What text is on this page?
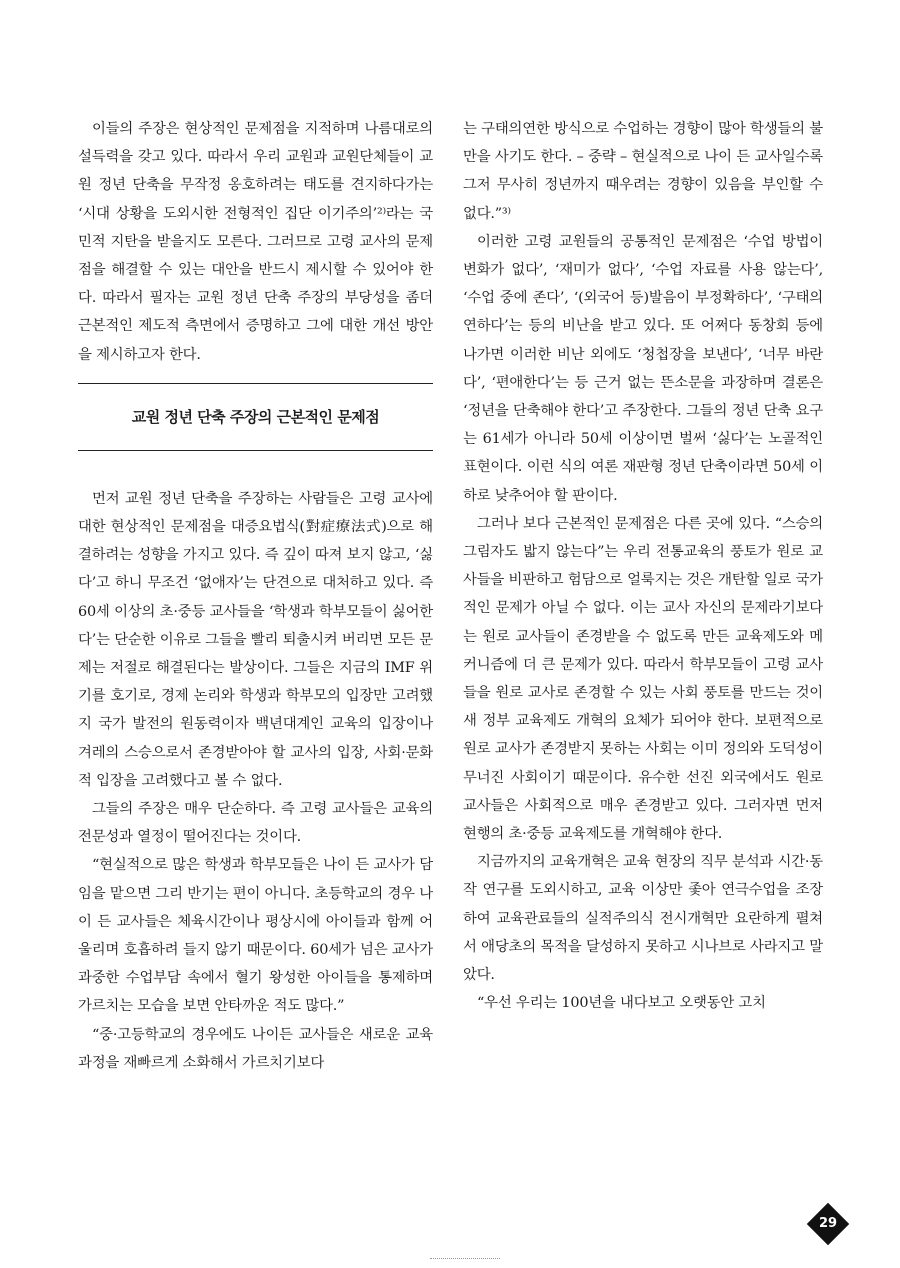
이들의 주장은 현상적인 문제점을 지적하며 나름대로의 설득력을 갖고 있다. 따라서 우리 교원과 교원단체들이 교원 정년 단축을 무작정 옹호하려는 태도를 견지하다가는 ‘시대 상황을 도외시한 전형적인 집단 이기주의’²⁾라는 국민적 지탄을 받을지도 모른다. 그러므로 고령 교사의 문제점을 해결할 수 있는 대안을 반드시 제시할 수 있어야 한다. 따라서 필자는 교원 정년 단축 주장의 부당성을 좀더 근본적인 제도적 측면에서 증명하고 그에 대한 개선 방안을 제시하고자 한다.

교원 정년 단축 주장의 근본적인 문제점

먼저 교원 정년 단축을 주장하는 사람들은 고령 교사에 대한 현상적인 문제점을 대증요법식(對症療法式)으로 해결하려는 성향을 가지고 있다. 즉 깊이 따져 보지 않고, ‘싫다’고 하니 무조건 ‘없애자’는 단견으로 대처하고 있다. 즉 60세 이상의 초·중등 교사들을 ‘학생과 학부모들이 싫어한다’는 단순한 이유로 그들을 빨리 퇴출시켜 버리면 모든 문제는 저절로 해결된다는 발상이다. 그들은 지금의 IMF 위기를 호기로, 경제 논리와 학생과 학부모의 입장만 고려했지 국가 발전의 원동력이자 백년대계인 교육의 입장이나 겨레의 스승으로서 존경받아야 할 교사의 입장, 사회·문화적 입장을 고려했다고 볼 수 없다.

그들의 주장은 매우 단순하다. 즉 고령 교사들은 교육의 전문성과 열정이 떨어진다는 것이다.

“현실적으로 많은 학생과 학부모들은 나이 든 교사가 담임을 맡으면 그리 반기는 편이 아니다. 초등학교의 경우 나이 든 교사들은 체육시간이나 평상시에 아이들과 함께 어울리며 호흡하려 들지 않기 때문이다. 60세가 넘은 교사가 과중한 수업부담 속에서 혈기 왕성한 아이들을 통제하며 가르치는 모습을 보면 안타까운 적도 많다.”

“중·고등학교의 경우에도 나이든 교사들은 새로운 교육과정을 재빠르게 소화해서 가르치기보다

는 구태의연한 방식으로 수업하는 경향이 많아 학생들의 불만을 사기도 한다. – 중략 – 현실적으로 나이 든 교사일수록 그저 무사히 정년까지 때우려는 경향이 있음을 부인할 수 없다.”³⁾

이러한 고령 교원들의 공통적인 문제점은 ‘수업 방법이 변화가 없다’, ‘재미가 없다’, ‘수업 자료를 사용 않는다’, ‘수업 중에 존다’, ‘(외국어 등)발음이 부정확하다’, ‘구태의연하다’는 등의 비난을 받고 있다. 또 어쩌다 동창회 등에 나가면 이러한 비난 외에도 ‘청첩장을 보낸다’, ‘너무 바란다’, ‘편애한다’는 등 근거 없는 뜬소문을 과장하며 결론은 ‘정년을 단축해야 한다’고 주장한다. 그들의 정년 단축 요구는 61세가 아니라 50세 이상이면 벌써 ‘싫다’는 노골적인 표현이다. 이런 식의 여론 재판형 정년 단축이라면 50세 이하로 낮추어야 할 판이다.

그러나 보다 근본적인 문제점은 다른 곳에 있다. “스승의 그림자도 밟지 않는다”는 우리 전통교육의 풍토가 원로 교사들을 비판하고 험담으로 얼룩지는 것은 개탄할 일로 국가적인 문제가 아닐 수 없다. 이는 교사 자신의 문제라기보다는 원로 교사들이 존경받을 수 없도록 만든 교육제도와 메커니즘에 더 큰 문제가 있다. 따라서 학부모들이 고령 교사들을 원로 교사로 존경할 수 있는 사회 풍토를 만드는 것이 새 정부 교육제도 개혁의 요체가 되어야 한다. 보편적으로 원로 교사가 존경받지 못하는 사회는 이미 정의와 도덕성이 무너진 사회이기 때문이다. 유수한 선진 외국에서도 원로 교사들은 사회적으로 매우 존경받고 있다. 그러자면 먼저 현행의 초·중등 교육제도를 개혁해야 한다.

지금까지의 교육개혁은 교육 현장의 직무 분석과 시간·동작 연구를 도외시하고, 교육 이상만 좇아 연극수업을 조장하여 교육관료들의 실적주의식 전시개혁만 요란하게 펼쳐서 애당초의 목적을 달성하지 못하고 시나브로 사라지고 말았다.

“우선 우리는 100년을 내다보고 오랫동안 고치

29
